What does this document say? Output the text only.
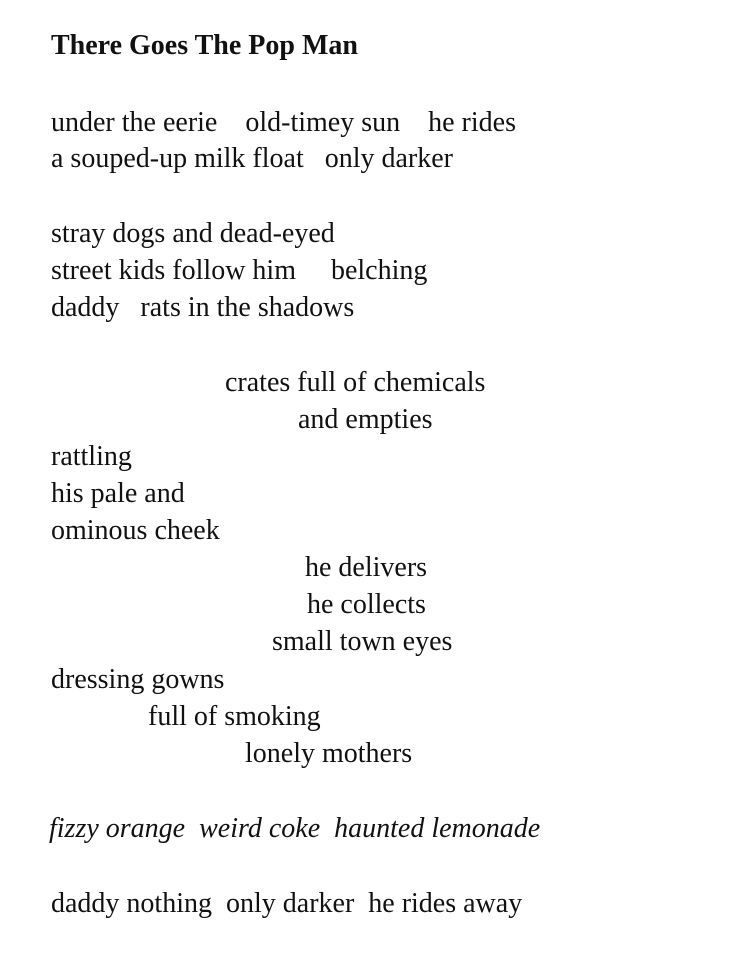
There Goes The Pop Man
under the eerie    old-timey sun    he rides
a souped-up milk float   only darker
stray dogs and dead-eyed
street kids follow him     belching
daddy   rats in the shadows
crates full of chemicals
and empties
rattling
his pale and
ominous cheek
he delivers
he collects
small town eyes
dressing gowns
full of smoking
lonely mothers
fizzy orange  weird coke  haunted lemonade
daddy nothing  only darker  he rides away
